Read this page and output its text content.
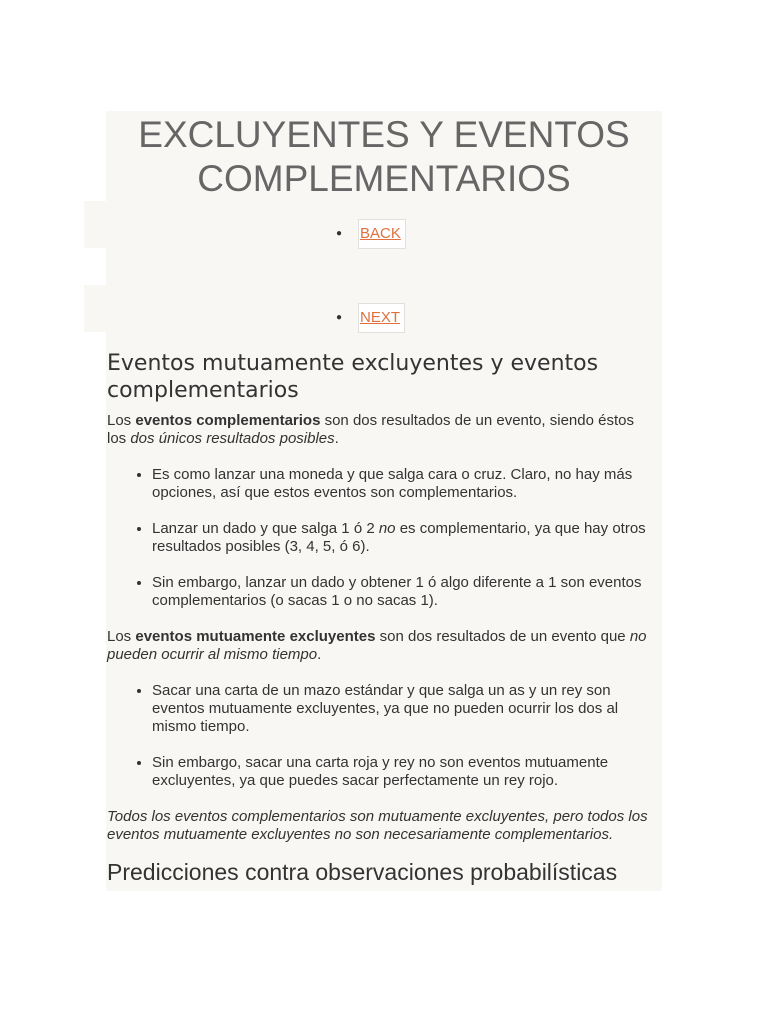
EXCLUYENTES Y EVENTOS COMPLEMENTARIOS
●BACK
● NEXT
Eventos mutuamente excluyentes y eventos complementarios

Los eventos complementarios son dos resultados de un evento, siendo éstos los dos únicos resultados posibles.

• Es como lanzar una moneda y que salga cara o cruz. Claro, no hay más opciones, así que estos eventos son complementarios.
• Lanzar un dado y que salga 1 ó 2 no es complementario, ya que hay otros resultados posibles (3, 4, 5, ó 6).
• Sin embargo, lanzar un dado y obtener 1 ó algo diferente a 1 son eventos complementarios (o sacas 1 o no sacas 1).

Los eventos mutuamente excluyentes son dos resultados de un evento que no pueden ocurrir al mismo tiempo.

• Sacar una carta de un mazo estándar y que salga un as y un rey son eventos mutuamente excluyentes, ya que no pueden ocurrir los dos al mismo tiempo.
• Sin embargo, sacar una carta roja y rey no son eventos mutuamente excluyentes, ya que puedes sacar perfectamente un rey rojo.

Todos los eventos complementarios son mutuamente excluyentes, pero todos los eventos mutuamente excluyentes no son necesariamente complementarios.

Predicciones contra observaciones probabilísticas
